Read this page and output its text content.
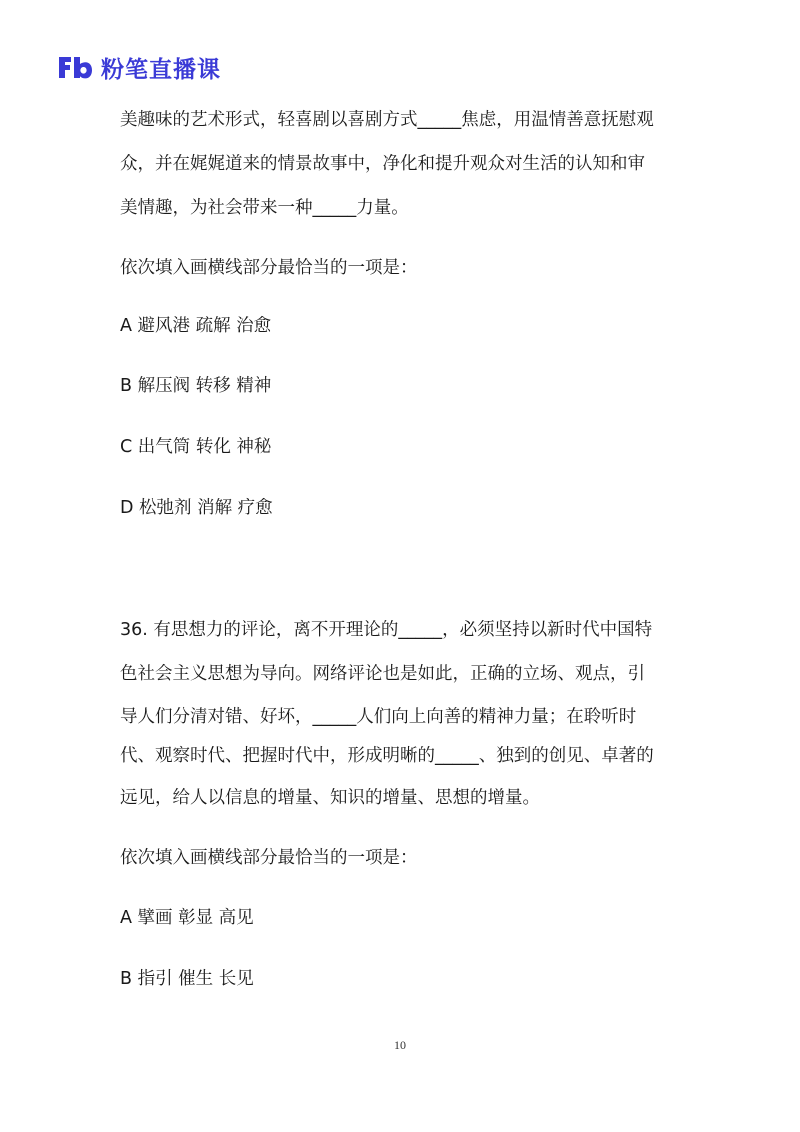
粉笔直播课
美趣味的艺术形式，轻喜剧以喜剧方式_____焦虑，用温情善意抚慰观
众，并在娓娓道来的情景故事中，净化和提升观众对生活的认知和审
美情趣，为社会带来一种_____力量。
依次填入画横线部分最恰当的一项是：
A 避风港 疏解 治愈
B 解压阀 转移 精神
C 出气筒 转化 神秘
D 松弛剂 消解 疗愈
36. 有思想力的评论，离不开理论的_____，必须坚持以新时代中国特
色社会主义思想为导向。网络评论也是如此，正确的立场、观点，引
导人们分清对错、好坏，_____人们向上向善的精神力量；在聆听时
代、观察时代、把握时代中，形成明晰的_____、独到的创见、卓著的
远见，给人以信息的增量、知识的增量、思想的增量。
依次填入画横线部分最恰当的一项是：
A 擘画 彰显 高见
B 指引 催生 长见
10
